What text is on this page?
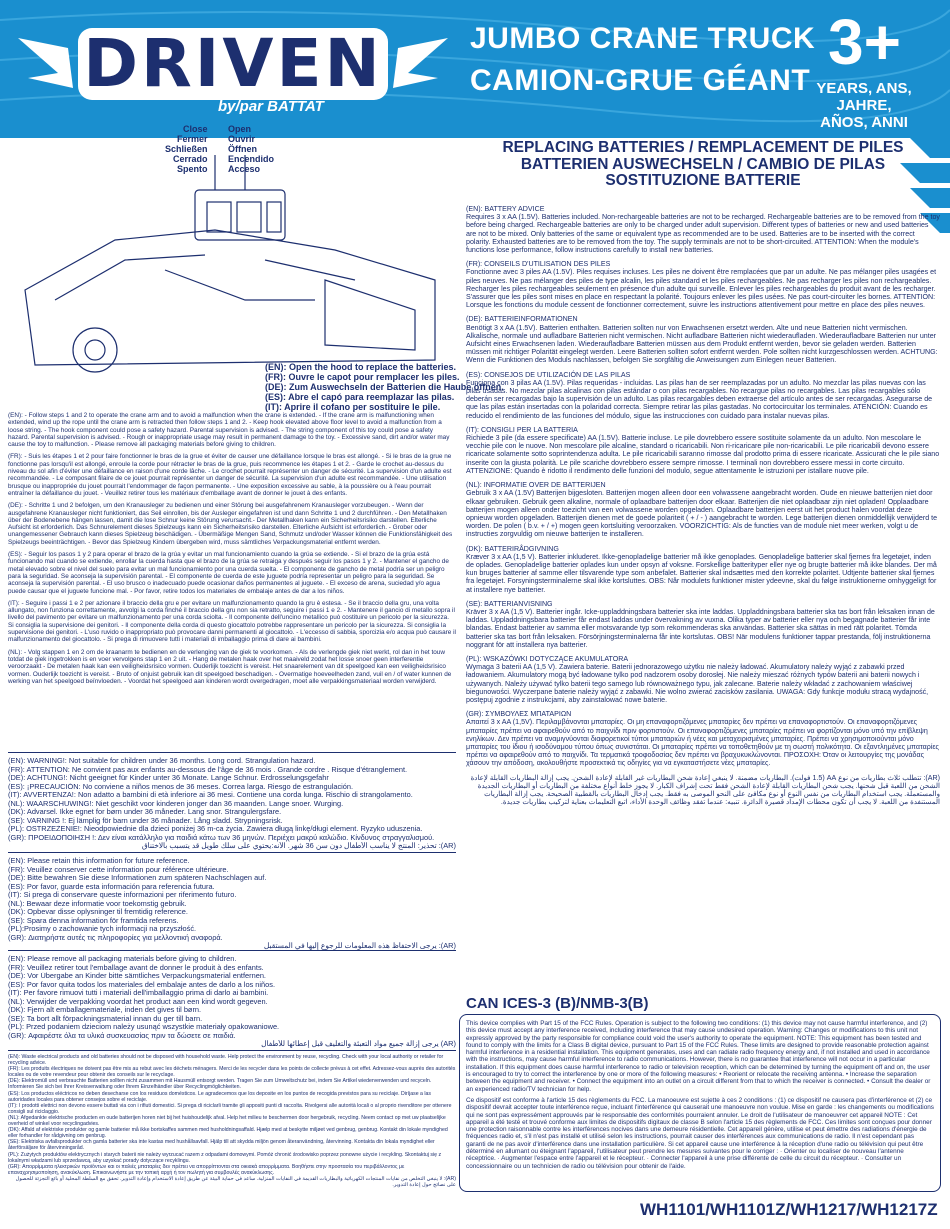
DRIVEN
by/par BATTAT
JUMBO CRANE TRUCK
CAMION-GRUE GÉANT
3+
YEARS, ANS, JAHRE,
AÑOS, ANNI
Close
Fermer
Schließen
Cerrado
Spento
Open
Ouvrir
Öffnen
Encendido
Acceso
(EN): Open the hood to replace the batteries.
(FR): Ouvre le capot pour remplacer les piles.
(DE): Zum Auswechseln der Batterien die Haube öffnen.
(ES): Abre el capó para reemplazar las pilas.
(IT): Aprire il cofano per sostituire le pile.

(EN): - Follow steps 1 and 2 to operate the crane arm and to avoid a malfunction when the crane is extended. - If the crane arm is malfunctioning when extended, wind up the rope until the crane arm is retracted then follow steps 1 and 2. - Keep hook elevated above floor level to avoid a malfunction from a loose string. - The hook component could pose a safety hazard. Parental supervision is advised. - The string component of this toy could pose a safety hazard. Parental supervision is advised. - Rough or inappropriate usage may result in permanent damage to the toy. - Excessive sand, dirt and/or water may cause the toy to malfunction. - Please remove all packaging materials before giving to children.

(FR): - Suis les étapes 1 et 2 pour faire fonctionner le bras de la grue et éviter de causer une défaillance lorsque le bras est allongé. - Si le bras de la grue ne fonctionne pas lorsqu'il est allongé, enroule la corde pour rétracter le bras de la grue, puis recommence les étapes 1 et 2. - Garde le crochet au-dessus du niveau du sol afin d'éviter une défaillance en raison d'une corde lâche. - Le crochet pourrait représenter un danger de sécurité. La supervision d'un adulte est recommandée. - Le composant filaire de ce jouet pourrait représenter un danger de sécurité. La supervision d'un adulte est recommandée. - Une utilisation brusque ou inappropriée du jouet pourrait l'endommager de façon permanente. - Une exposition excessive au sable, à la poussière ou à l'eau pourrait entraîner la défaillance du jouet. - Veuillez retirer tous les matériaux d'emballage avant de donner le jouet à des enfants.

(DE): - Schritte 1 und 2 befolgen, um den Kranausleger zu bedienen und einer Störung bei ausgefahrenem Kranausleger vorzubeugen. - Wenn der ausgefahrene Kranausleger nicht funktioniert, das Seil einrollen, bis der Ausleger eingefahren ist und dann Schritte 1 und 2 durchführen. - Den Metallhaken über der Bodenebene hängen lassen, damit die lose Schnur keine Störung verursacht.- Der Metallhaken kann ein Sicherheitsrisiko darstellen. Elterliche Aufsicht ist erforderlich. Das Schnurelement dieses Spielzeugs kann ein Sicherheitsrisiko darstellen. Elterliche Aufsicht ist erforderlich. - Grober oder unangemessener Gebrauch kann dieses Spielzeug beschädigen. - Übermäßige Mengen Sand, Schmutz und/oder Wasser können die Funktionsfähigkeit des Spielzeugs beeinträchtigen. - Bevor das Spielzeug Kindern übergeben wird, muss sämtliches Verpackungsmaterial entfernt werden.

(ES): - Seguir los pasos 1 y 2 para operar el brazo de la grúa y evitar un mal funcionamiento cuando la grúa se extiende. - Si el brazo de la grúa está funcionando mal cuando se extiende, enrollar la cuerda hasta que el brazo de la grúa se retraiga y después seguir los pasos 1 y 2. - Mantener el gancho de metal elevado sobre el nivel del suelo para evitar un mal funcionamiento por una cuerda suelta. - El componente de gancho de metal podría ser un peligro para la seguridad. Se aconseja la supervisión parental. - El componente de cuerda de este juguete podría representar un peligro para la seguridad. Se aconseja la supervisión parental. - El uso brusco o inadecuado puede ocasionar daños permanentes al juguete. - El exceso de arena, suciedad y/o agua puede causar que el juguete funcione mal. - Por favor, retire todos los materiales de embalaje antes de dar a los niños.

(IT): - Seguire i passi 1 e 2 per azionare il braccio della gru e per evitare un malfunzionamento quando la gru è estesa. - Se il braccio della gru, una volta allungato, non funziona correttamente, avvolgi la corda finché il braccio della gru non sia retratto, seguire i passi 1 e 2. - Mantenere il gancio di metallo sopra il livello del pavimento per evitare un malfunzionamento per una corda sciolta. - Il componente dell'uncino metallico può costituire un pericolo per la sicurezza. Si consiglia la supervisione dei genitori. - Il componente della corda di questo giocattolo potrebbe rappresentare un pericolo per la sicurezza. Si consiglia la supervisione dei genitori. - L'uso ruvido o inappropriato può provocare danni permanenti al giocattolo. - L'eccesso di sabbia, sporcizia e/o acqua può causare il malfunzionamento del giocattolo. - Si prega di rimuovere tutti i materiali di imballaggio prima di dare ai bambini.

(NL): - Volg stappen 1 en 2 om de kraanarm te bedienen en de verlenging van de giek te voorkomen. - Als de verlengde giek niet werkt, rol dan in het touw totdat de giek ingetrokken is en voer vervolgens stap 1 en 2 uit. - Hang de metalen haak over het maaiveld zodat het losse snoer geen interferentie veroorzaakt - De metalen haak kan een veiligheidsrisico vormen. Ouderlijk toezicht is vereist. Het snaarelement van dit speelgoed kan een veiligheidsrisico vormen. Ouderlijk toezicht is vereist. - Bruto of onjuist gebruik kan dit speelgoed beschadigen. - Overmatige hoeveelheden zand, vuil en / of water kunnen de werking van het speelgoed beïnvloeden. - Voordat het speelgoed aan kinderen wordt overgedragen, moet alle verpakkingsmateriaal worden verwijderd.

(EN): WARNING!: Not suitable for children under 36 months. Long cord. Strangulation hazard.
(FR): ATTENTION: Ne convient pas aux enfants au-dessous de l'âge de 36 mois . Grande cordre . Risque d'étranglement.
(DE): ACHTUNG!: Nicht geeignet für Kinder unter 36 Monate. Lange Schnur. Erdrosselungsgefahr
(ES): ¡PRECAUCIÓN: No conviene a niños menos de 36 meses. Correa larga. Riesgo de estrangulación.
(IT): AVVERTENZA!: Non adatto a bambini di età inferiore ai 36 mesi. Contiene una corda lunga. Rischio di strangolamento.
(NL): WAARSCHUWING!: Niet geschikt voor kinderen jonger dan 36 maanden. Lange snoer. Wurging.
(DK): Advarsel. Ikke egnet for børn under 36 måneder. Lang snor. Strangulergsfare.
(SE): VARNING !: Ej lämplig för barn under 36 månader. Lång sladd. Strypningsrisk.
(PL): OSTRZEŻENIE!: Nieodpowiednie dla dzieci poniżej 36 m-ca życia. Zawiera długą linkę/długi element. Ryzyko uduszenia.
(GR): ΠΡΟΕΙΔΟΠΟΙΗΣΗ !: Δεν είναι κατάλληλο για παιδιά κάτω των 36 μηνών. Περιέχει μακρύ καλώδιο. Κίνδυνος στραγγαλισμού.
(AR): تحذير: المنتج لا يناسب الأطفال دون سن 36 شهر. الأنه:يحتوي على سلك طويل قد يتسبب بالاختناق
(EN): Please retain this information for future reference.
(FR): Veuillez conserver cette information pour référence ultérieure.
(DE): Bitte bewahren Sie diese Informationen zum späteren Nachschlagen auf.
(ES): Por favor, guarde esta información para referencia futura.
(IT): Si prega di conservare queste informazioni per riferimento futuro.
(NL): Bewaar deze informatie voor toekomstig gebruik.
(DK): Opbevar disse oplysninger til fremtidig reference.
(SE): Spara denna information för framtida referens.
(PL):Prosimy o zachowanie tych informacji na przyszłość.
(GR): Διατηρήστε αυτές τις πληροφορίες για μελλοντική αναφορά.
(AR): يرجى الاحتفاظ هذه المعلومات للرجوع إليها في المستقبل
(EN): Please remove all packaging materials before giving to children.
(FR): Veuillez retirer tout l'emballage avant de donner le produit à des enfants.
(DE): Vor Übergabe an Kinder bitte sämtliches Verpackungsmaterial entfernen.
(ES): Por favor quita todos los materiales del embalaje antes de darlo a los niños.
(IT): Per favore rimuovi tutti i materiali dell'imballaggio prima di darlo ai bambini.
(NL): Verwijder de verpakking voordat het product aan een kind wordt gegeven.
(DK): Fjern alt emballagemateriale, inden det gives til børn.
(SE): Ta bort allt förpackningsmaterial innan du ger till barn.
(PL): Przed podaniem dzieciom należy usunąć wszystkie materiały opakowaniowe.
(GR): Αφαιρέστε όλα τα υλικά συσκευασίας πριν τα δώσετε σε παιδιά.
(AR) يرجى إزالة جميع مواد التعبئة والتغليف قبل إعطائها للأطفال
(EN): Waste electrical products and old batteries should not be disposed with household waste. Help protect the environment by reuse, recycling. Check with your local authority or retailer for recycling advice.
(FR): Les produits électriques ne doivent pas être mis au rebut avec les déchets ménagers. Merci de les recycler dans les points de collecte prévus à cet effet. Adressez-vous auprès des autorités locales ou de votre revendeur pour obtenir des conseils sur le recyclage.
(DE): Elektromüll und verbrauchte Batterien sollten nicht zusammen mit Hausmüll entsorgt werden. Tragen Sie zum Umweltschutz bei, indem Sie Artikel wiederverwenden und recyceln. Informieren Sie sich bei Ihrer Kreisverwaltung oder Ihrem Einzelhändler über Recyclingmöglichkeiten.
(ES): Los productos eléctricos no deben desecharse con los residuos domésticos. Le agradecemos que los deposite en los puntos de recogida previstos para su reciclaje. Diríjase a las autoridades locales para obtener consejos sobre el reciclaje.
(IT): I prodotti elettrici non devono essere buttati via con i rifiuti domestici. Si prega di riciclarli tramite gli appositi punti di raccolta. Rivolgersi alle autorità locali o al proprio rivenditore per ottenere consigli sul riciclaggio.
(NL): Afgedankte elektrische producten en oude batterijen horen niet bij het huishoudelijk afval. Help het milieu te beschermen door hergebruik, recycling. Neem contact op met uw plaatselijke overheid of winkel voor recyclingadvies.
(DK): Affald af elektriske produkter og gamle batterier må ikke bortskaffes sammen med husholdningsaffald. Hjælp med at beskytte miljøet ved genbrug, genbrug. Kontakt din lokale myndighed eller forhandler for rådgivning om genbrug.
(SE): Elektriska avfallsprodukter och gamla batterier ska inte kastas med hushållsavfall. Hjälp till att skydda miljön genom återanvändning, återvinning. Kontakta din lokala myndighet eller återförsäljare för återvinningsråd.
(PL): Zużytych produktów elektrycznych i starych baterii nie należy wyrzucać razem z odpadami domowymi. Pomóż chronić środowisko poprzez ponowne użycie i recykling. Skontaktuj się z lokalnymi władzami lub sprzedawcą, aby uzyskać porady dotyczące recyklingu.
(GR): Απορρίμματα ηλεκτρικών προϊόντων και οι παλιές μπαταρίες δεν πρέπει να απορρίπτονται στα οικιακά απορρίμματα. Βοηθήστε στην προστασία του περιβάλλοντος με επαναχρησιμοποίηση, ανακύκλωση. Επικοινωνήστε με την τοπική αρχή ή τον πωλητή για συμβουλές ανακύκλωσης.
(AR): لا ينبغي التخلص من نفايات المنتجات الكهربائية والبطاريات القديمة في النفايات المنزلية. ساعد في حماية البيئة عن طريق إعادة الاستخدام وإعادة التدوير. تحقق مع السلطة المحلية أو بائع التجزئة للحصول على نصائح حول إعادة التدوير.
REPLACING BATTERIES / REMPLACEMENT DE PILES
BATTERIEN AUSWECHSELN / CAMBIO DE PILAS
SOSTITUZIONE BATTERIE

(EN): BATTERY ADVICE
Requires 3 x AA (1.5V). Batteries included. Non-rechargeable batteries are not to be recharged. Rechargeable batteries are to be removed from the toy before being charged. Rechargeable batteries are only to be charged under adult supervision. Different types of batteries or new and used batteries are not to be mixed. Only batteries of the same or equivalent type as recommended are to be used. Batteries are to be inserted with the correct polarity. Exhausted batteries are to be removed from the toy. The supply terminals are not to be short-circuited. ATTENTION: When the module's functions lose performance, follow instructions carefully to install new batteries.

(FR): CONSEILS D'UTILISATION DES PILES
Fonctionne avec 3 piles AA (1.5V). Piles requises incluses. Les piles ne doivent être remplacées que par un adulte. Ne pas mélanger piles usagées et piles neuves. Ne pas mélanger des piles de type alcalin, les piles standard et les piles rechargeables. Ne pas recharger les piles non rechargeables. Recharger les piles rechargeables seulement en présence d'un adulte qui surveille. Enlever les piles rechargeables du produit avant de les recharger. S'assurer que les piles sont mises en place en respectant la polarité. Toujours enlever les piles usées. Ne pas court-circuiter les bornes. ATTENTION: Lorsque les fonctions du module cessent de fonctionner correctement, suivre les instructions attentivement pour mettre en place des piles neuves.

(DE): BATTERIEINFORMATIONEN
Benötigt 3 x AA (1.5V). Batterien enthalten. Batterien sollten nur von Erwachsenen ersetzt werden. Alte und neue Batterien nicht vermischen. Alkalische, normale und aufladbare Batterien nicht vermischen. Nicht aufladbare Batterien nicht wiederaufladen. Wiederaufladbare Batterien nur unter Aufsicht eines Erwachsenen laden. Wiederaufladbare Batterien müssen aus dem Produkt entfernt werden, bevor sie geladen werden. Batterien müssen mit richtiger Polarität eingelegt werden. Leere Batterien sollten sofort entfernt werden. Pole sollten nicht kurzgeschlossen werden. ACHTUNG: Wenn die Funktionen des Moduls nachlassen, befolgen Sie sorgfältig die Anweisungen zum Einlegen neuer Batterien.

(ES): CONSEJOS DE UTILIZACIÓN DE LAS PILAS
Funciona con 3 pilas AA (1.5V). Pilas requeridas - incluidas. Las pilas han de ser reemplazadas por un adulto. No mezclar las pilas nuevas con las pilas usadas. No mezclar pilas alcalinas con pilas estándar o con pilas recargables. No recargue pilas no recargables. Las pilas recargables sólo deberán ser recargadas bajo la supervisión de un adulto. Las pilas recargables deben extraerse del artículo antes de ser recargadas. Asegurarse de que las pilas están insertadas con la polaridad correcta. Siempre retirar las pilas gastadas. No cortocircuitar los terminales. ATENCIÓN: Cuando es reducido el rendimiento de las funciones del módulo, sigue las instrucciones con cuidado para instalar nuevas pilas.

(IT): CONSIGLI PER LA BATTERIA
Richiede 3 pile (da essere specificate) AA (1.5V). Batterie incluse. Le pile dovrebbero essere sostituite solamente da un adulto. Non mescolare le vecchie pile con le nuove. Non mescolare pile alcaline, standard o ricaricabili. Non ri-ricaricare pile non-ricaricabili. Le pile ricaricabili devono essere ricaricate solamente sotto soprintendenza adulta. Le pile ricaricabili saranno rimosse dal prodotto prima di essere ricaricate. Assicurati che le pile siano inserite con la giusta polarità. Le pile scariche dovrebbero essere sempre rimosse. I terminali non dovrebbero essere messi in corte circuito. ATTENZIONE: Quando è ridotto il rendimento delle funzioni del modulo, segue attentamente le istruzioni per istallare nuove pile.

(NL): INFORMATIE OVER DE BATTERIJEN
Gebruik 3 x AA (1.5V) Batterijen bijgesloten. Batterijen mogen alleen door een volwassene aangebracht worden. Oude en nieuwe batterijen niet door elkaar gebruiken. Gebruik geen alkaline, normale of oplaadbare batterijen door elkaar. Batterijen die niet oplaadbaar zijn niet opladen! Opplaadbare batterijen mogen alleen onder toezicht van een volwassene worden opgeladen. Oplaadbare batterijen eerst uit het product halen voordat deze opnieuw worden opgeladen. Batterijen dienen met de goede polariteit ( + / - ) aangebracht te worden. Lege batterijen dienen onmiddellijk verwijderd te worden. De polen ( b.v. + / +) mogen geen kortsluiting veroorzaken. VOORZICHTIG: Als de functies van de module niet meer werken, volgt u de instructies zorgvuldig om nieuwe batterijen te installeren.

(DK): BATTERIRÅDGIVNING
Kræver 3 x AA (1,5 V). Batterier inkluderet. Ikke-genopladelige batterier må ikke genoplades. Genopladelige batterier skal fjernes fra legetøjet, inden de oplades. Genopladelige batterier oplades kun under opsyn af voksne. Forskellige batterityper eller nye og brugte batterier må ikke blandes. Der må kun bruges batterier af samme eller tilsvarende type som anbefalet. Batterier skal indsættes med den korrekte polaritet. Udtjente batterier skal fjernes fra legetøjet. Forsyningsterminalerne skal ikke kortsluttes. OBS: Når modulets funktioner mister ydeevne, skal du følge instruktionerne omhyggeligt for at installere nye batterier.

(SE): BATTERIANVISNING
Kräver 3 x AA (1,5 V). Batterier ingår. Icke-uppladdningsbara batterier ska inte laddas. Uppladdningsbara batterier ska tas bort från leksaken innan de laddas. Uppladdningsbara batterier får endast laddas under övervakning av vuxna. Olika typer av batterier eller nya och begagnade batterier får inte blandas. Endast batterier av samma eller motsvarande typ som rekommenderas ska användas. Batterier ska sättas in med rätt polaritet. Tömda batterier ska tas bort från leksaken. Försörjningsterminalerna får inte kortslutas. OBS! När modulens funktioner tappar prestanda, följ instruktionerna noggrant för att installera nya batterier.

(PL): WSKAZÓWKI DOTYCZĄCE AKUMULATORA
Wymaga 3 baterii AA (1,5 V). Zawiera baterie. Baterii jednorazowego użytku nie należy ładować. Akumulatory należy wyjąć z zabawki przed ładowaniem. Akumulatory mogą być ładowane tylko pod nadzorem osoby dorosłej. Nie należy mieszać różnych typów baterii ani baterii nowych i używanych. Należy używać tylko baterii tego samego lub równoważnego typu, jak zalecane. Baterie należy wkładać z zachowaniem właściwej biegunowości. Wyczerpane baterie należy wyjąć z zabawki. Nie wolno zwierać zacisków zasilania. UWAGA: Gdy funkcje modułu stracą wydajność, postępuj zgodnie z instrukcjami, aby zainstalować nowe baterie.

(GR): ΣΥΜΒΟΥΛΕΣ ΜΠΑΤΑΡΙΩΝ
Απαιτεί 3 x AA (1,5V). Περιλαμβάνονται μπαταρίες. Οι μη επαναφορτιζόμενες μπαταρίες δεν πρέπει να επαναφορτιστούν. Οι επαναφορτιζόμενες μπαταρίες πρέπει να αφαιρεθούν από το παιχνίδι πριν φορτιστούν. Οι επαναφορτιζόμενες μπαταρίες πρέπει να φορτίζονται μόνο υπό την επίβλεψη ενηλίκων. Δεν πρέπει να αναμιγνύονται διαφορετικοί τύποι μπαταριών ή νέες και μεταχειρισμένες μπαταρίες. Πρέπει να χρησιμοποιούνται μόνο μπαταρίες του ίδιου ή ισοδύναμου τύπου όπως συνιστάται. Οι μπαταρίες πρέπει να τοποθετηθούν με τη σωστή πολικότητα. Οι εξαντλημένες μπαταρίες πρέπει να αφαιρεθούν από το παιχνίδι. Τα τερματικά τροφοδοσίας δεν πρέπει να βραχυκυκλώνονται. ΠΡΟΣΟΧΗ: Όταν οι λειτουργίες της μονάδας χάσουν την απόδοση, ακολουθήστε προσεκτικά τις οδηγίες για να εγκαταστήσετε νέες μπαταρίες.

(AR): تتطلب ثلاث بطاريات من نوع AA (1.5 فولت). البطاريات مضمنة. لا ينبغي إعادة شحن البطاريات غير القابلة لإعادة الشحن. يجب إزالة البطاريات القابلة لإعادة الشحن من اللعبة قبل شحنها. يجب شحن البطاريات القابلة لإعادة الشحن فقط تحت إشراف الكبار. لا يجوز خلط أنواع مختلفة من البطاريات أو البطاريات الجديدة والمستعملة. يجب استخدام البطاريات من نفس النوع أو نوع مكافئ على النحو الموصى به فقط. يجب إدخال البطاريات بالقطبية الصحيحة. يجب إزالة البطاريات المستنفدة من اللعبة. لا يجب أن تكون محطات الإمداد قصيرة الدائرة. تنبيه: عندما تفقد وظائف الوحدة الأداء، اتبع التعليمات بعناية لتركيب بطاريات جديدة.

CAN ICES-3 (B)/NMB-3(B)

This device complies with Part 15 of the FCC Rules. Operation is subject to the following two conditions: (1) this device may not cause harmful interference, and (2) this device must accept any interference received, including interference that may cause undesired operation. Warning: Changes or modifications to this unit not expressly approved by the party responsible for compliance could void the user's authority to operate the equipment. NOTE: This equipment has been tested and found to comply with the limits for a Class B digital device, pursuant to Part 15 of the FCC Rules. These limits are designed to provide reasonable protection against harmful interference in a residential installation. This equipment generates, uses and can radiate radio frequency energy and, if not installed and used in accordance with the instructions, may cause harmful interference to radio communications. However, there is no guarantee that interference will not occur in a particular installation. If this equipment does cause harmful interference to radio or television reception, which can be determined by turning the equipment off and on, the user is encouraged to try to correct the interference by one or more of the following measures: • Reorient or relocate the receiving antenna. • Increase the separation between the equipment and receiver. • Connect the equipment into an outlet on a circuit different from that to which the receiver is connected. • Consult the dealer or an experienced radio/TV technician for help.

Ce dispositif est conforme à l'article 15 des règlements du FCC. La manoeuvre est sujette à ces 2 conditions : (1) ce dispositif ne causera pas d'interférence et (2) ce dispositif devrait accepter toute interférence reçue, incluant l'interférence qui causerait une manoeuvre non voulue. Mise en garde : les changements ou modifications qui ne sont pas expressément approuvés par le responsable des conformités pourraient annuler. Le droit de l'utilisateur de manoeuvrer cet appareil NOTE : Cet appareil a été testé et trouvé conforme aux limites de dispositifs digitaux de classe B selon l'article 15 des règlements de FCC. Ces limites sont conçues pour donner une protection raisonnable contre les interférences nocives dans une demeure résidentielle. Cet appareil génère, utilise et peut émettre des radiations d'énergie de fréquences radio et, s'il n'est pas installé et utilisé selon les instructions, pourrait causer des interférences aux communications de radio. Il n'est cependant pas garanti de ne pas avoir d'interférence dans une installation particulière. Si cet appareil cause une interférence à la réception d'une radio ou télévision qui peut être déterminé en allumant ou éteignant l'appareil, l'utilisateur peut prendre les mesures suivantes pour le corriger : · Orienter ou localiser de nouveau l'antenne réceptrice. · Augmenter l'espace entre l'appareil et le récepteur. · Connecter l'appareil à une prise différente de celle du circuit du récepteur. · Consulter un concessionnaire ou un technicien de radio ou télévision pour obtenir de l'aide.

WH1101/WH1101Z/WH1217/WH1217Z
